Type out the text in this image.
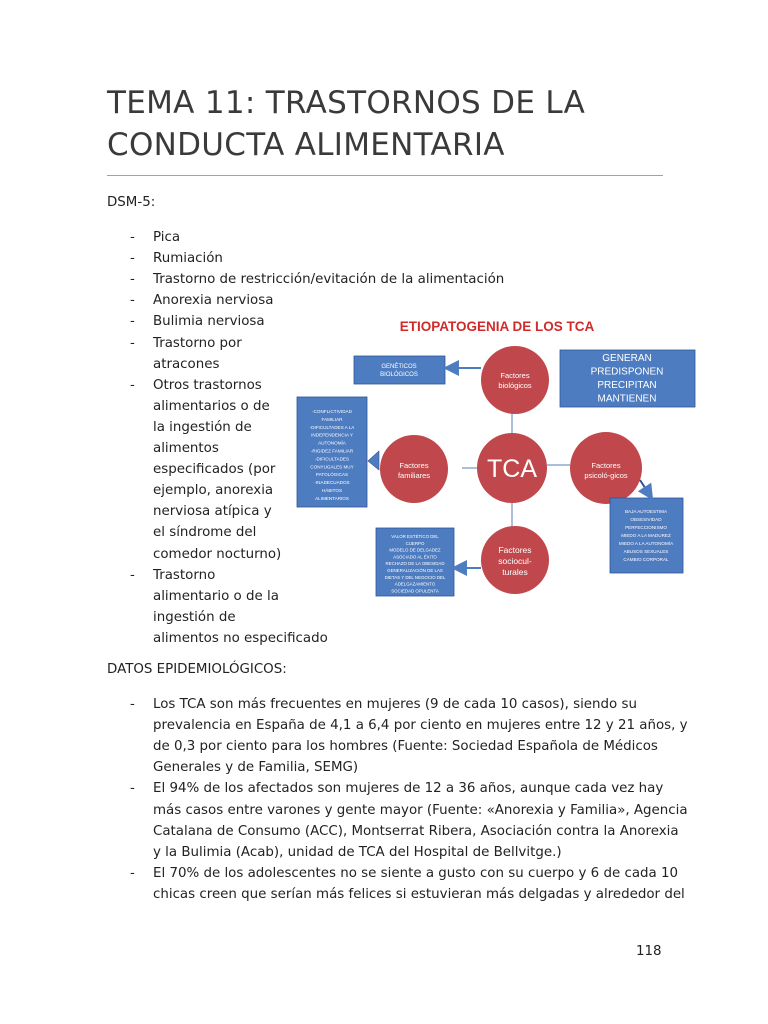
TEMA 11: TRASTORNOS DE LA
CONDUCTA ALIMENTARIA
DSM-5:
- Pica
- Rumiación
- Trastorno de restricción/evitación de la alimentación
- Anorexia nerviosa
- Bulimia nerviosa
- Trastorno por
atracones
- Otros trastornos
alimentarios o de
la ingestión de
alimentos
especificados (por
ejemplo, anorexia
nerviosa atípica y
el síndrome del
comedor nocturno)
- Trastorno
alimentario o de la
ingestión de
alimentos no especificado
ETIOPATOGENIA DE LOS TCA
TCA
Factores
biológicos
Factores
familiares
Factores
psicoló-gicos
Factores
sociocul-
turales
GENÉTICOS
BIOLÓGICOS
GENERAN
PREDISPONEN
PRECIPITAN
MANTIENEN
-CONFLICTIVIDAD
FAMILIAR
-DIFICULTADES A LA
INDEPENDENCIA Y
AUTONOMÍA
-RIGIDEZ FAMILIAR
-DIFICULTADES
CONYUGALES MUY
PATOLÓGICAS
-INADECUADOS
HÁBITOS
ALIMENTARIOS
BAJA AUTOESTIMA
OBSESIVIDAD
PERFECCIONISMO
MIEDO A LA MADUREZ
MIEDO A LA AUTONOMÍA
ABUSOS SEXUALES
CAMBIO CORPORAL
VALOR ESTÉTICO DEL
CUERPO
MODELO DE DELGADEZ
ASOCIADO AL ÉXITO
RECHAZO DE LA OBESIDAD
GENERALIZACIÓN DE LAS
DIETAS Y DEL NEGOCIO DEL
ADELGAZAMIENTO
SOCIEDAD OPULENTA
DATOS EPIDEMIOLÓGICOS:
- Los TCA son más frecuentes en mujeres (9 de cada 10 casos), siendo su
prevalencia en España de 4,1 a 6,4 por ciento en mujeres entre 12 y 21 años, y
de 0,3 por ciento para los hombres (Fuente: Sociedad Española de Médicos
Generales y de Familia, SEMG)
- El 94% de los afectados son mujeres de 12 a 36 años, aunque cada vez hay
más casos entre varones y gente mayor (Fuente: «Anorexia y Familia», Agencia
Catalana de Consumo (ACC), Montserrat Ribera, Asociación contra la Anorexia
y la Bulimia (Acab), unidad de TCA del Hospital de Bellvitge.)
- El 70% de los adolescentes no se siente a gusto con su cuerpo y 6 de cada 10
chicas creen que serían más felices si estuvieran más delgadas y alrededor del
118
